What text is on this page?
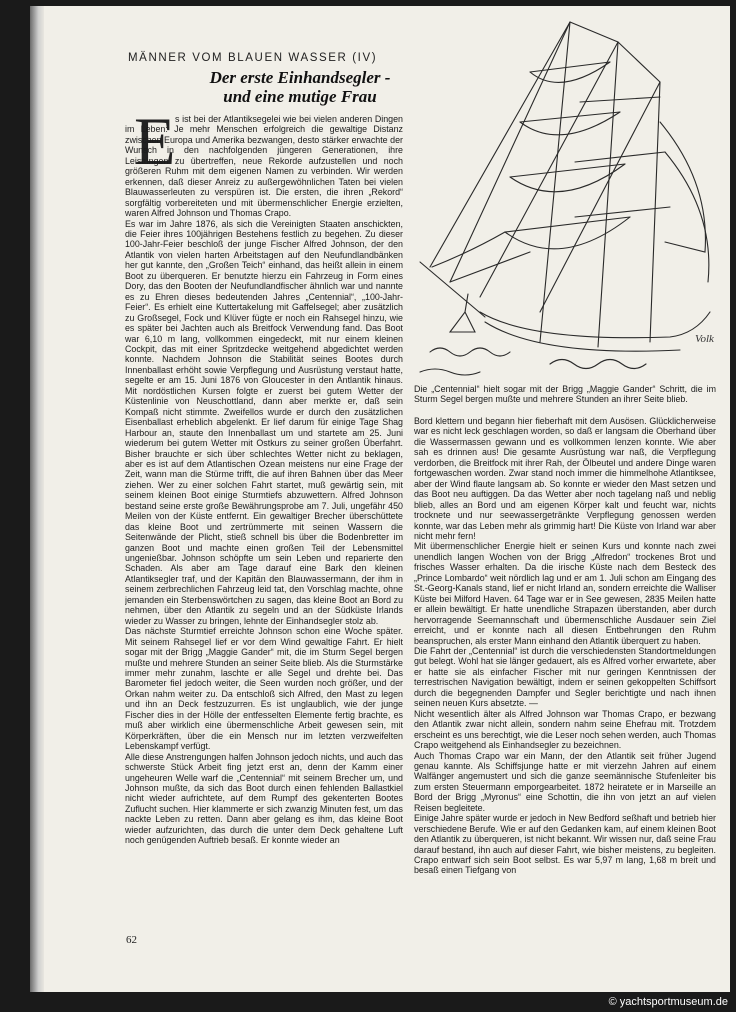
MÄNNER VOM BLAUEN WASSER (IV)
Der erste Einhandsegler -
und eine mutige Frau
E s ist bei der Atlantiksegelei wie bei vielen anderen Dingen im Leben: Je mehr Menschen erfolgreich die gewaltige Distanz zwischen Europa und Amerika bezwangen, desto stärker erwachte der Wunsch in den nachfolgenden jüngeren Generationen, ihre Leistungen zu übertreffen, neue Rekorde aufzustellen und noch größeren Ruhm mit dem eigenen Namen zu verbinden. Wir werden erkennen, daß dieser Anreiz zu außergewöhnlichen Taten bei vielen Blauwasserleuten zu verspüren ist. Die ersten, die ihren „Rekord“ sorgfältig vorbereiteten und mit übermenschlicher Energie erzielten, waren Alfred Johnson und Thomas Crapo.

Es war im Jahre 1876, als sich die Vereinigten Staaten anschickten, die Feier ihres 100jährigen Bestehens festlich zu begehen. Zu dieser 100-Jahr-Feier beschloß der junge Fischer Alfred Johnson, der den Atlantik von vielen harten Arbeitstagen auf den Neufundlandbänken her gut kannte, den „Großen Teich“ einhand, das heißt allein in einem Boot zu überqueren. Er benutzte hierzu ein Fahrzeug in Form eines Dory, das den Booten der Neufundlandfischer ähnlich war und nannte es zu Ehren dieses bedeutenden Jahres „Centennial“, „100-Jahr-Feier“. Es erhielt eine Kuttertakelung mit Gaffelsegel; aber zusätzlich zu Großsegel, Fock und Klüver fügte er noch ein Rahsegel hinzu, wie es später bei Jachten auch als Breitfock Verwendung fand. Das Boot war 6,10 m lang, vollkommen eingedeckt, mit nur einem kleinen Cockpit, das mit einer Spritzdecke weitgehend abgedichtet werden konnte. Nachdem Johnson die Stabilität seines Bootes durch Innenballast erhöht sowie Verpflegung und Ausrüstung verstaut hatte, segelte er am 15. Juni 1876 von Gloucester in den Antlantik hinaus. Mit nordöstlichen Kursen folgte er zuerst bei gutem Wetter der Küstenlinie von Neuschottland, dann aber merkte er, daß sein Kompaß nicht stimmte. Zweifellos wurde er durch den zusätzlichen Eisenballast erheblich abgelenkt. Er lief darum für einige Tage Shag Harbour an, staute den Innenballast um und startete am 25. Juni wiederum bei gutem Wetter mit Ostkurs zu seiner großen Überfahrt. Bisher brauchte er sich über schlechtes Wetter nicht zu beklagen, aber es ist auf dem Atlantischen Ozean meistens nur eine Frage der Zeit, wann man die Stürme trifft, die auf ihren Bahnen über das Meer ziehen. Wer zu einer solchen Fahrt startet, muß gewärtig sein, mit seinem kleinen Boot einige Sturmtiefs abzuwettern. Alfred Johnson bestand seine erste große Bewährungsprobe am 7. Juli, ungefähr 450 Meilen von der Küste entfernt. Ein gewaltiger Brecher überschüttete das kleine Boot und zertrümmerte mit seinen Wassern die Seitenwände der Plicht, stieß schnell bis über die Bodenbretter im ganzen Boot und machte einen großen Teil der Lebensmittel ungenießbar. Johnson schöpfte um sein Leben und reparierte den Schaden. Als aber am Tage darauf eine Bark den kleinen Atlantiksegler traf, und der Kapitän den Blauwassermann, der ihm in seinem zerbrechlichen Fahrzeug leid tat, den Vorschlag machte, ohne jemanden ein Sterbenswörtchen zu sagen, das kleine Boot an Bord zu nehmen, über den Atlantik zu segeln und an der Südküste Irlands wieder zu Wasser zu bringen, lehnte der Einhandsegler stolz ab.

Das nächste Sturmtief erreichte Johnson schon eine Woche später. Mit seinem Rahsegel lief er vor dem Wind gewaltige Fahrt. Er hielt sogar mit der Brigg „Maggie Gander“ mit, die im Sturm Segel bergen mußte und mehrere Stunden an seiner Seite blieb. Als die Sturmstärke immer mehr zunahm, laschte er alle Segel und drehte bei. Das Barometer fiel jedoch weiter, die Seen wurden noch größer, und der Orkan nahm weiter zu. Da entschloß sich Alfred, den Mast zu legen und ihn an Deck festzuzurren. Es ist unglaublich, wie der junge Fischer dies in der Hölle der entfesselten Elemente fertig brachte, es muß aber wirklich eine übermenschliche Arbeit gewesen sein, mit Körperkräften, über die ein Mensch nur im letzten verzweifelten Lebenskampf verfügt.

Alle diese Anstrengungen halfen Johnson jedoch nichts, und auch das schwerste Stück Arbeit fing jetzt erst an, denn der Kamm einer ungeheuren Welle warf die „Centennial“ mit seinem Brecher um, und Johnson mußte, da sich das Boot durch einen fehlenden Ballastkiel nicht wieder aufrichtete, auf dem Rumpf des gekenterten Bootes Zuflucht suchen. Hier klammerte er sich zwanzig Minuten fest, um das nackte Leben zu retten. Dann aber gelang es ihm, das kleine Boot wieder aufzurichten, das durch die unter dem Deck gehaltene Luft noch genügenden Auftrieb besaß. Er konnte wieder an

Volk
Die „Centennial“ hielt sogar mit der Brigg „Maggie Gander“ Schritt, die im Sturm Segel bergen mußte und mehrere Stunden an ihrer Seite blieb.

Bord klettern und begann hier fieberhaft mit dem Ausösen. Glücklicherweise war es nicht leck geschlagen worden, so daß er langsam die Oberhand über die Wassermassen gewann und es vollkommen lenzen konnte. Wie aber sah es drinnen aus! Die gesamte Ausrüstung war naß, die Verpflegung verdorben, die Breitfock mit ihrer Rah, der Ölbeutel und andere Dinge waren fortgewaschen worden. Zwar stand noch immer die himmelhohe Atlantiksee, aber der Wind flaute langsam ab. So konnte er wieder den Mast setzen und das Boot neu auftiggen. Da das Wetter aber noch tagelang naß und neblig blieb, alles an Bord und am eigenen Körper kalt und feucht war, nichts trocknete und nur seewassergetränkte Verpflegung genossen werden konnte, war das Leben mehr als grimmig hart! Die Küste von Irland war aber nicht mehr fern!

Mit übermenschlicher Energie hielt er seinen Kurs und konnte nach zwei unendlich langen Wochen von der Brigg „Alfredon“ trockenes Brot und frisches Wasser erhalten. Da die irische Küste nach dem Besteck des „Prince Lombardo“ weit nördlich lag und er am 1. Juli schon am Eingang des St.-Georg-Kanals stand, lief er nicht Irland an, sondern erreichte die Walliser Küste bei Milford Haven. 64 Tage war er in See gewesen, 2835 Meilen hatte er allein bewältigt. Er hatte unendliche Strapazen überstanden, aber durch hervorragende Seemannschaft und übermenschliche Ausdauer sein Ziel erreicht, und er konnte nach all diesen Entbehrungen den Ruhm beanspruchen, als erster Mann einhand den Atlantik überquert zu haben.

Die Fahrt der „Centennial“ ist durch die verschiedensten Standortmeldungen gut belegt. Wohl hat sie länger gedauert, als es Alfred vorher erwartete, aber er hatte sie als einfacher Fischer mit nur geringen Kenntnissen der terrestrischen Navigation bewältigt, indem er seinen gekoppelten Schiffsort durch die begegnenden Dampfer und Segler berichtigte und nach ihnen seinen neuen Kurs absetzte. —

Nicht wesentlich älter als Alfred Johnson war Thomas Crapo, er bezwang den Atlantik zwar nicht allein, sondern nahm seine Ehefrau mit. Trotzdem erscheint es uns berechtigt, wie die Leser noch sehen werden, auch Thomas Crapo weitgehend als Einhandsegler zu bezeichnen.

Auch Thomas Crapo war ein Mann, der den Atlantik seit früher Jugend genau kannte. Als Schiffsjunge hatte er mit vierzehn Jahren auf einem Walfänger angemustert und sich die ganze seemännische Stufenleiter bis zum ersten Steuermann emporgearbeitet. 1872 heiratete er in Marseille an Bord der Brigg „Myronus“ eine Schottin, die ihn von jetzt an auf vielen Reisen begleitete.

Einige Jahre später wurde er jedoch in New Bedford seßhaft und betrieb hier verschiedene Berufe. Wie er auf den Gedanken kam, auf einem kleinen Boot den Atlantik zu überqueren, ist nicht bekannt. Wir wissen nur, daß seine Frau darauf bestand, ihn auch auf dieser Fahrt, wie bisher meistens, zu begleiten. Crapo entwarf sich sein Boot selbst. Es war 5,97 m lang, 1,68 m breit und besaß einen Tiefgang von

62
© yachtsportmuseum.de
